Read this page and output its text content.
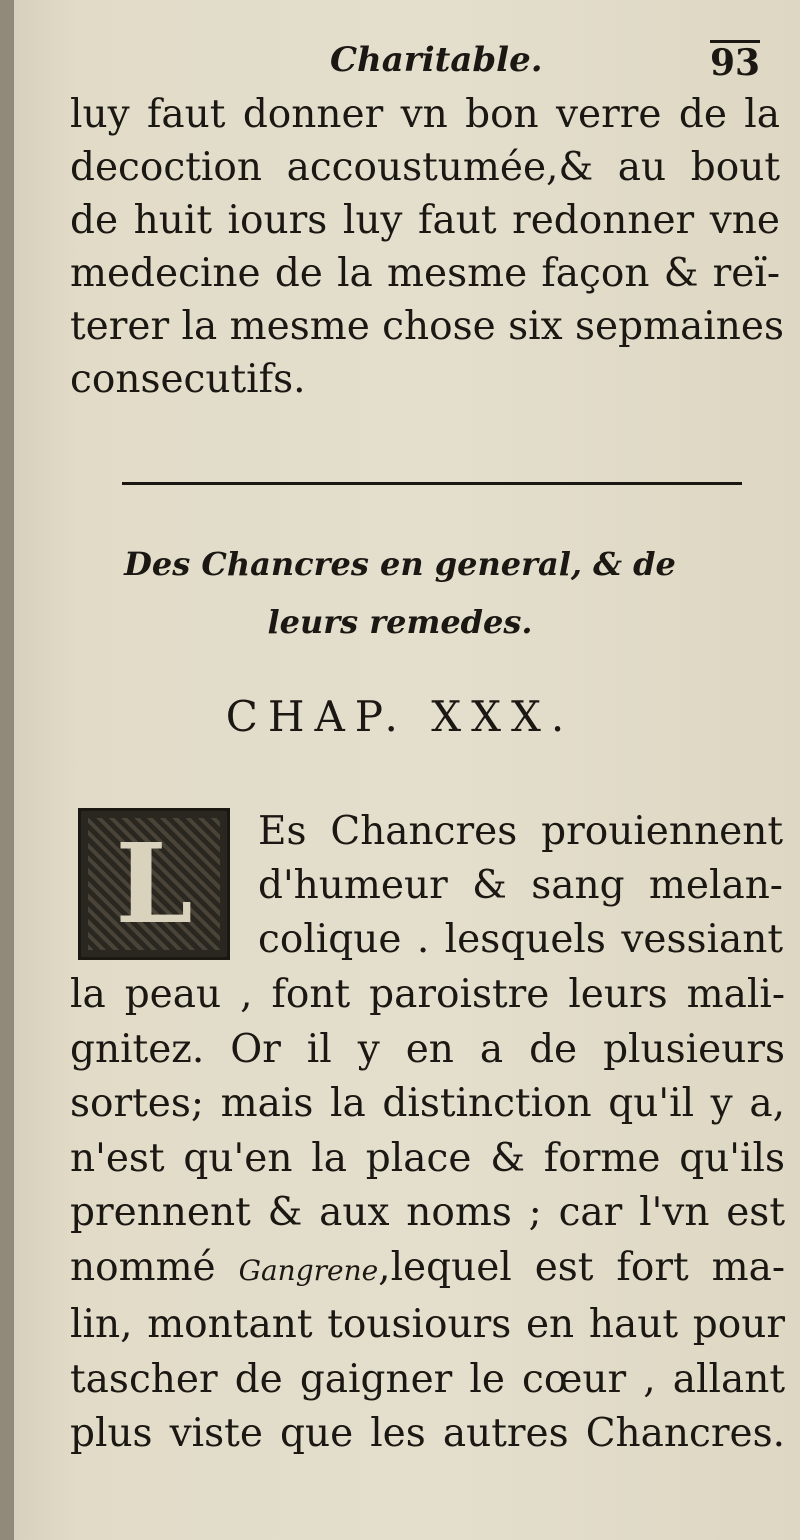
Charitable.	93
luy faut donner vn bon verre de la
decoction accoustumée,& au bout
de huit iours luy faut redonner vne
medecine de la mesme façon & reï-
terer la mesme chose six sepmaines
consecutifs.
Des Chancres en general, & de
leurs remedes.
CHAP. XXX.
L Es Chancres prouiennent
d'humeur & sang melan-
colique . lesquels vessiant
la peau , font paroistre leurs mali-
gnitez. Or il y en a de plusieurs
sortes; mais la distinction qu'il y a,
n'est qu'en la place & forme qu'ils
prennent & aux noms ; car l'vn est
nommé Gangrene,lequel est fort ma-
lin, montant tousiours en haut pour
tascher de gaigner le cœur , allant
plus viste que les autres Chancres.
